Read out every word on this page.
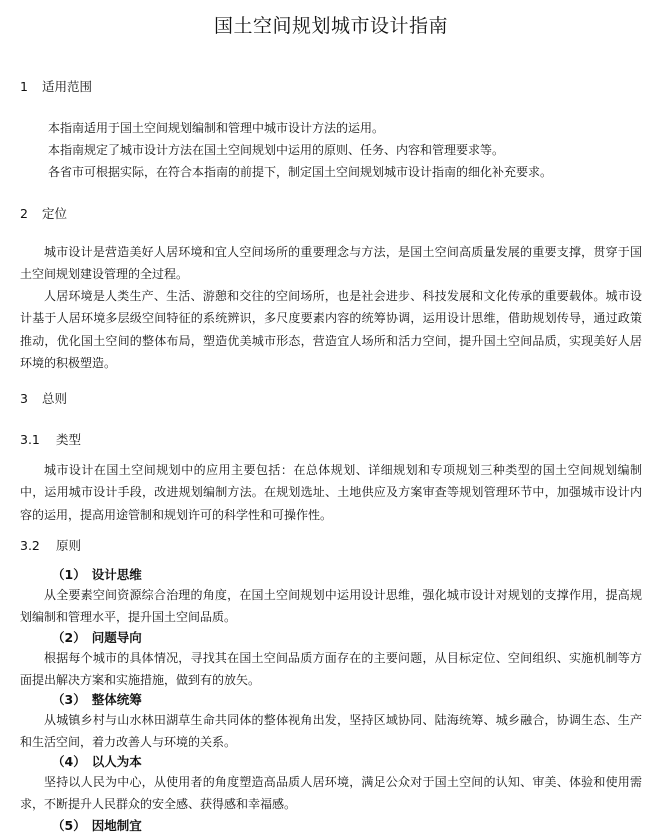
国土空间规划城市设计指南
1 适用范围
本指南适用于国土空间规划编制和管理中城市设计方法的运用。
本指南规定了城市设计方法在国土空间规划中运用的原则、任务、内容和管理要求等。
各省市可根据实际，在符合本指南的前提下，制定国土空间规划城市设计指南的细化补充要求。
2 定位

城市设计是营造美好人居环境和宜人空间场所的重要理念与方法，是国土空间高质量发展的重要支撑，贯穿于国土空间规划建设管理的全过程。

人居环境是人类生产、生活、游憩和交往的空间场所，也是社会进步、科技发展和文化传承的重要载体。城市设计基于人居环境多层级空间特征的系统辨识，多尺度要素内容的统筹协调，运用设计思维，借助规划传导，通过政策推动，优化国土空间的整体布局，塑造优美城市形态，营造宜人场所和活力空间，提升国土空间品质，实现美好人居环境的积极塑造。

3 总则
3.1 类型

城市设计在国土空间规划中的应用主要包括：在总体规划、详细规划和专项规划三种类型的国土空间规划编制中，运用城市设计手段，改进规划编制方法。在规划选址、土地供应及方案审查等规划管理环节中，加强城市设计内容的运用，提高用途管制和规划许可的科学性和可操作性。

3.2 原则
（1） 设计思维

从全要素空间资源综合治理的角度，在国土空间规划中运用设计思维，强化城市设计对规划的支撑作用，提高规划编制和管理水平，提升国土空间品质。

（2） 问题导向

根据每个城市的具体情况，寻找其在国土空间品质方面存在的主要问题，从目标定位、空间组织、实施机制等方面提出解决方案和实施措施，做到有的放矢。

（3） 整体统筹

从城镇乡村与山水林田湖草生命共同体的整体视角出发，坚持区域协同、陆海统筹、城乡融合，协调生态、生产和生活空间，着力改善人与环境的关系。

（4） 以人为本

坚持以人民为中心，从使用者的角度塑造高品质人居环境，满足公众对于国土空间的认知、审美、体验和使用需求，不断提升人民群众的安全感、获得感和幸福感。

（5） 因地制宜
